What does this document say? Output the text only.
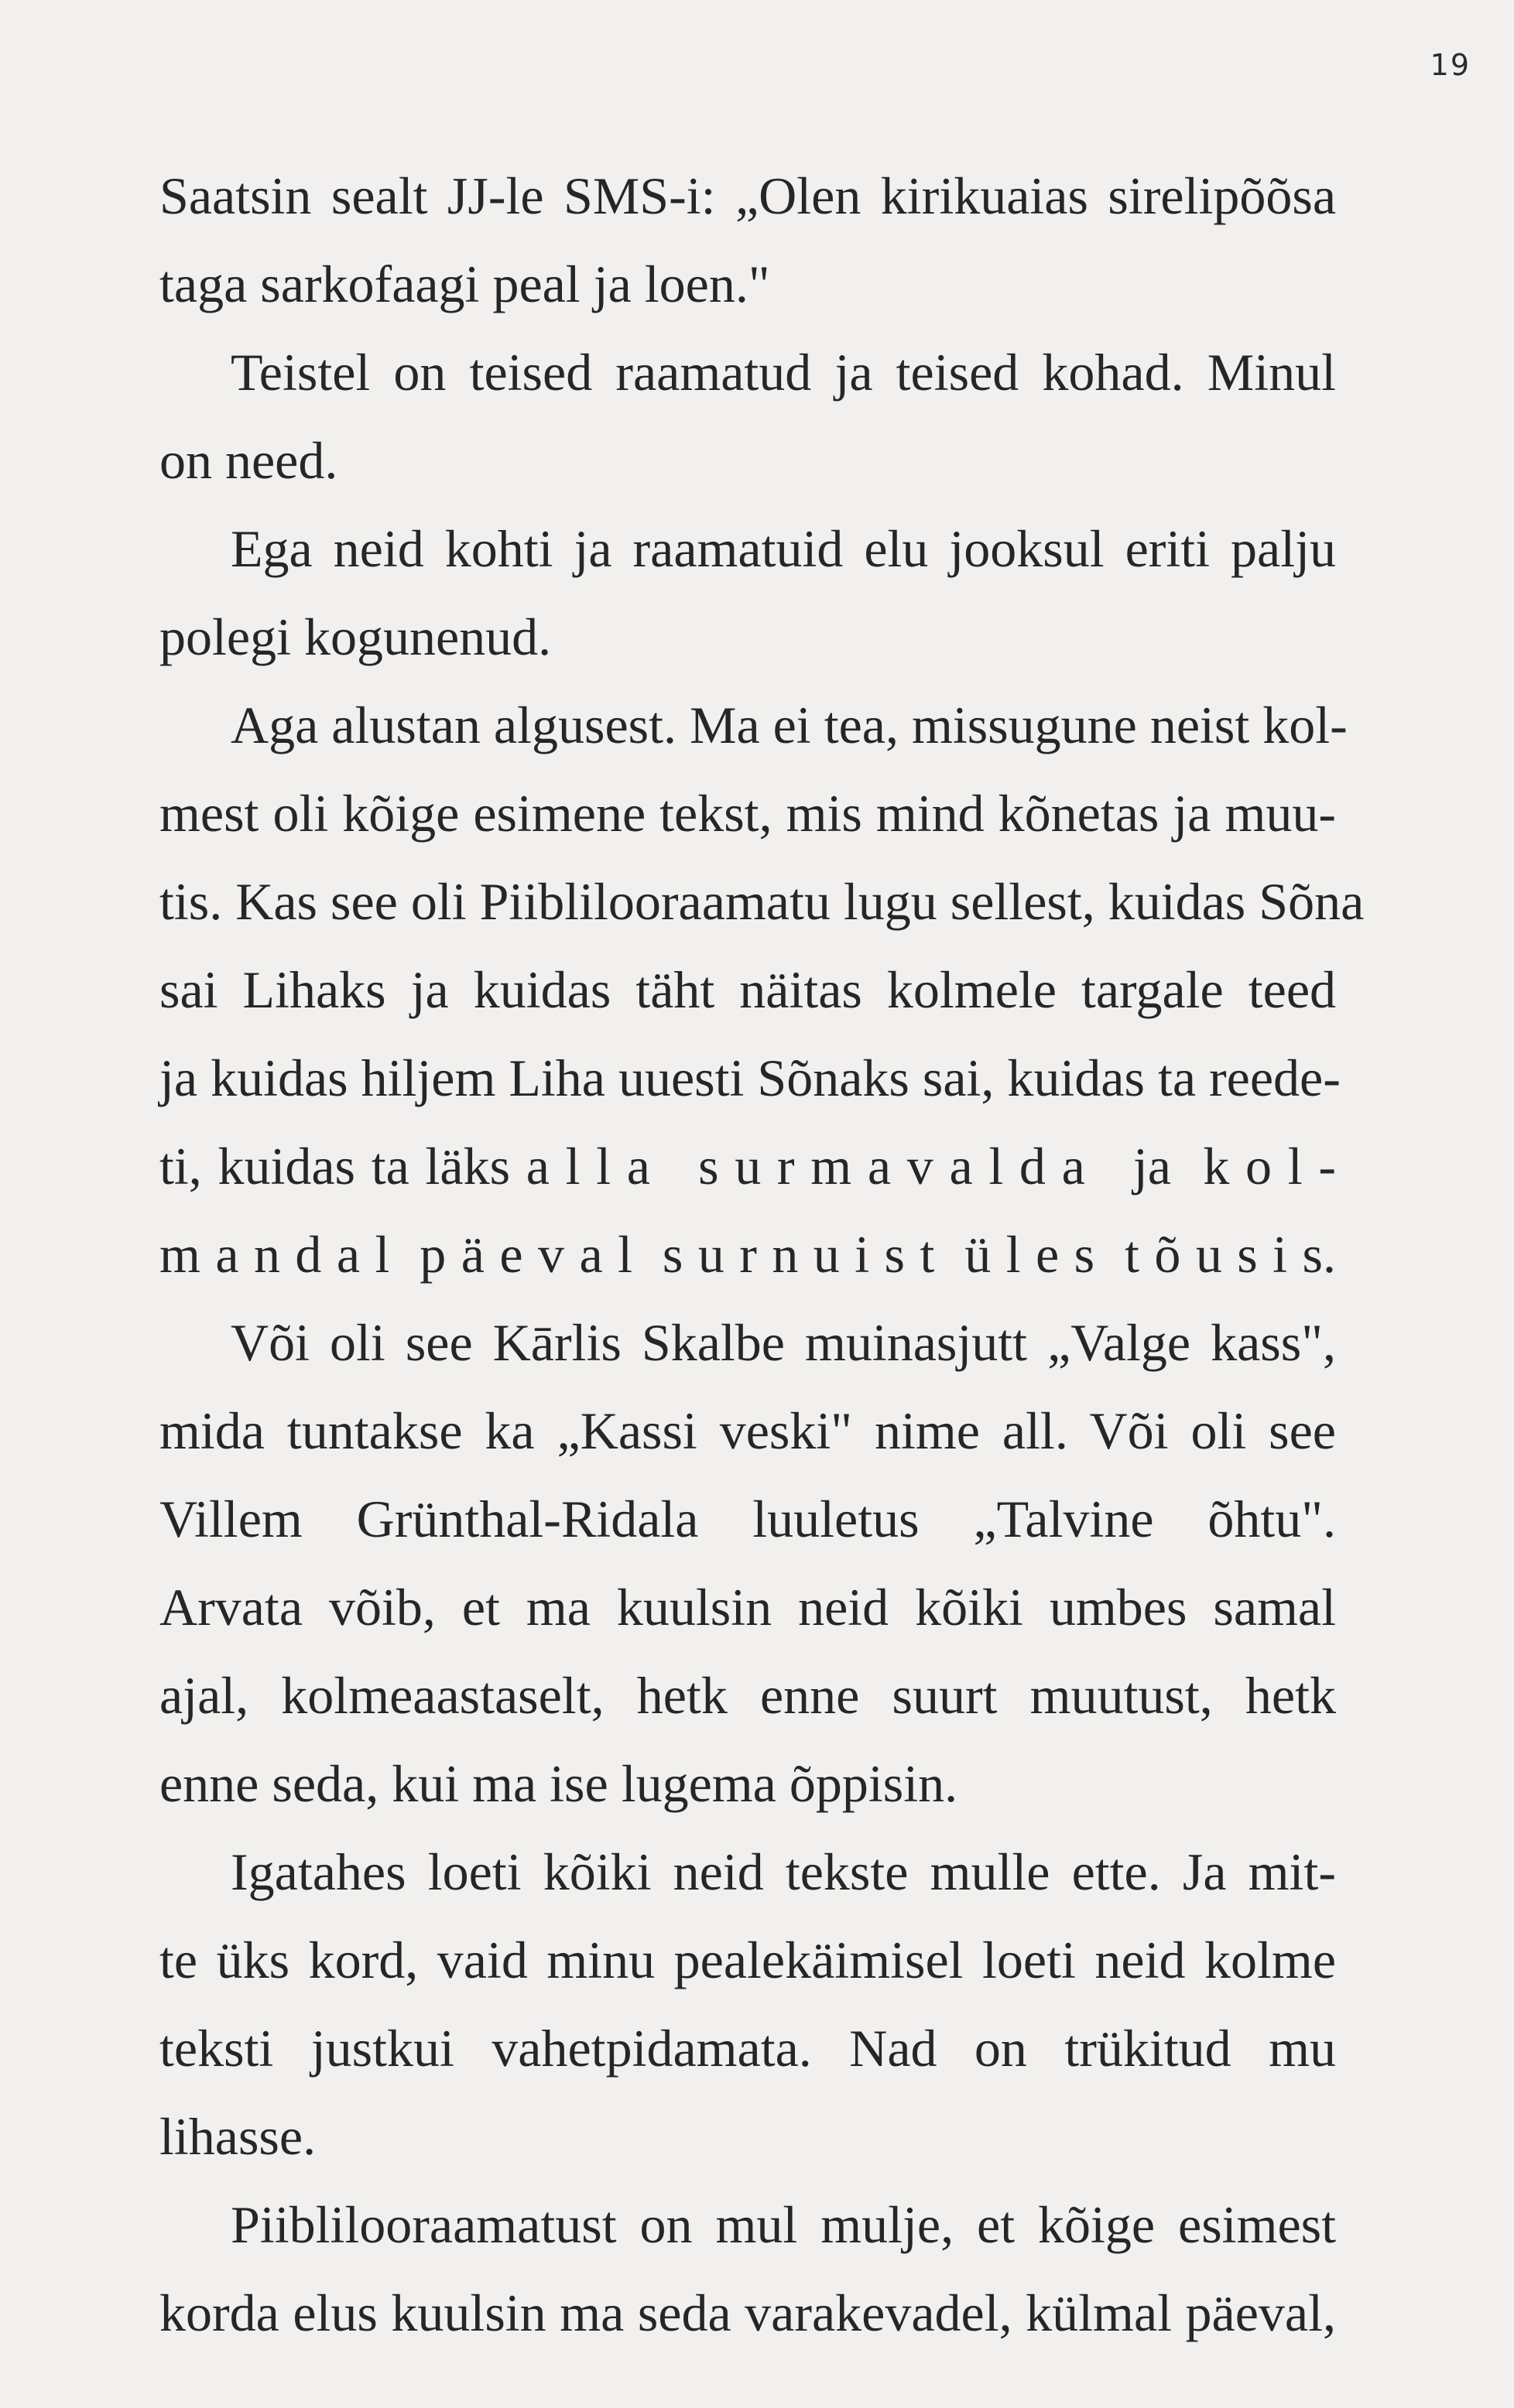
19
Saatsin sealt JJ-le SMS-i: „Olen kirikuaias sirelipõõsa
taga sarkofaagi peal ja loen."
Teistel on teised raamatud ja teised kohad. Minul
on need.
Ega neid kohti ja raamatuid elu jooksul eriti palju
polegi kogunenud.
Aga alustan algusest. Ma ei tea, missugune neist kol-
mest oli kõige esimene tekst, mis mind kõnetas ja muu-
tis. Kas see oli Piiblilooraamatu lugu sellest, kuidas Sõna
sai Lihaks ja kuidas täht näitas kolmele targale teed
ja kuidas hiljem Liha uuesti Sõnaks sai, kuidas ta reede-
ti, kuidas ta läks a l l a   s u r m a v a l d a   ja  k o l -
m a n d a l  p ä e v a l  s u r n u i s t  ü l e s  t õ u s i s.
Või oli see Kārlis Skalbe muinasjutt „Valge kass",
mida tuntakse ka „Kassi veski" nime all. Või oli see
Villem Grünthal-Ridala luuletus „Talvine õhtu".
Arvata võib, et ma kuulsin neid kõiki umbes samal
ajal, kolmeaastaselt, hetk enne suurt muutust, hetk
enne seda, kui ma ise lugema õppisin.
Igatahes loeti kõiki neid tekste mulle ette. Ja mit-
te üks kord, vaid minu pealekäimisel loeti neid kolme
teksti justkui vahetpidamata. Nad on trükitud mu
lihasse.
Piiblilooraamatust on mul mulje, et kõige esimest
korda elus kuulsin ma seda varakevadel, külmal päeval,
